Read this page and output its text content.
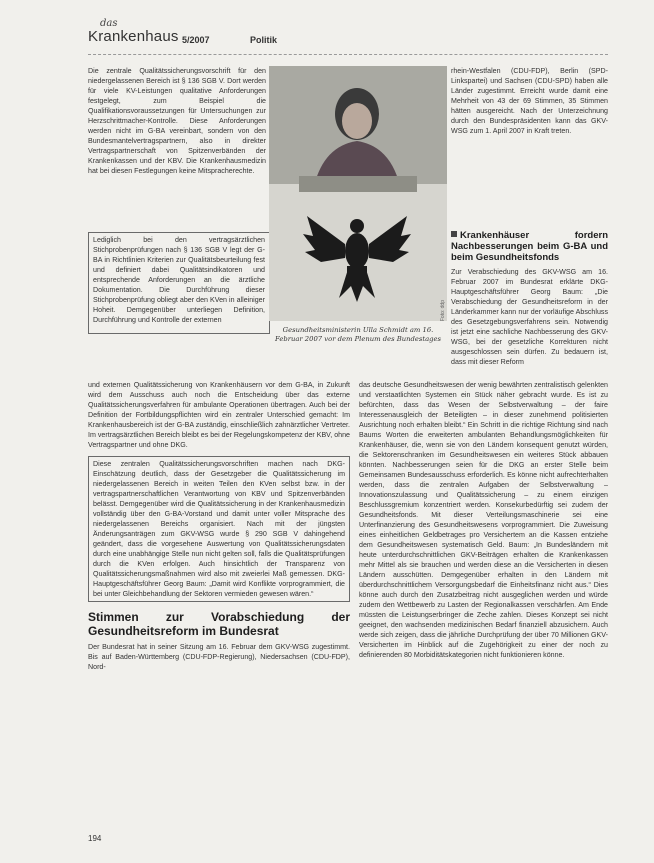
das
Krankenhaus 5/2007	Politik

Die zentrale Qualitätssicherungsvorschrift für den niedergelassenen Bereich ist § 136 SGB V. Dort werden für viele KV-Leistungen qualitative Anforderungen festgelegt, zum Beispiel die Qualifikationsvoraussetzungen für Untersuchungen zur Herzschrittmacher-Kontrolle. Diese Anforderungen werden nicht im G-BA vereinbart, sondern von den Bundesmantelvertragspartnern, also in direkter Vertragspartnerschaft von Spitzenverbänden der Krankenkassen und der KBV. Die Krankenhausmedizin hat bei diesen Festlegungen keine Mitspracherechte.

Lediglich bei den vertragsärztlichen Stichprobenprüfungen nach § 136 SGB V legt der G-BA in Richtlinien Kriterien zur Qualitätsbeurteilung fest und definiert dabei Qualitätsindikatoren und entsprechende Anforderungen an die ärztliche Dokumentation. Die Durchführung dieser Stichprobenprüfung obliegt aber den KVen in alleiniger Hoheit. Demgegenüber unterliegen Definition, Durchführung und Kontrolle der externen	Foto: ddp
Gesundheitsministerin Ulla Schmidt am 16. Februar 2007 vor dem Plenum des Bundestages

rhein-Westfalen (CDU-FDP), Berlin (SPD-Linkspartei) und Sachsen (CDU-SPD) haben alle Länder zugestimmt. Erreicht wurde damit eine Mehrheit von 43 der 69 Stimmen, 35 Stimmen hätten ausgereicht. Nach der Unterzeichnung durch den Bundespräsidenten kann das GKV-WSG zum 1. April 2007 in Kraft treten.

Krankenhäuser fordern Nachbesserungen beim G-BA und beim Gesundheitsfonds

Zur Verabschiedung des GKV-WSG am 16. Februar 2007 im Bundesrat erklärte DKG-Hauptgeschäftsführer Georg Baum: „Die Verabschiedung der Gesundheitsreform in der Länderkammer kann nur der vorläufige Abschluss des Gesetzgebungsverfahrens sein. Notwendig ist jetzt eine sachliche Nachbesserung des GKV-WSG, bei der gesetzliche Korrekturen nicht ausgeschlossen sein dürfen. Zu bedauern ist, dass mit dieser Reform

und externen Qualitätssicherung von Krankenhäusern vor dem G-BA, in Zukunft wird dem Ausschuss auch noch die Entscheidung über das externe Qualitätssicherungsverfahren für ambulante Operationen übertragen. Auch bei der Definition der Fortbildungspflichten wird ein zentraler Unterschied gemacht: Im Krankenhausbereich ist der G-BA zuständig, einschließlich zahnärztlicher Vertreter. Im vertragsärztlichen Bereich bleibt es bei der Regelungskompetenz der KBV, ohne Vertragspartner und ohne DKG.

Diese zentralen Qualitätssicherungsvorschriften machen nach DKG-Einschätzung deutlich, dass der Gesetzgeber die Qualitätssicherung im niedergelassenen Bereich in weiten Teilen den KVen selbst bzw. in der vertragspartnerschaftlichen Verantwortung von KBV und Spitzenverbänden belässt. Demgegenüber wird die Qualitätssicherung in der Krankenhausmedizin vollständig über den G-BA-Vorstand und damit unter voller Mitsprache des niedergelassenen Bereichs organisiert. Nach mit der jüngsten Änderungsanträgen zum GKV-WSG wurde § 290 SGB V dahingehend geändert, dass die vorgesehene Auswertung von Qualitätssicherungsdaten durch eine unabhängige Stelle nun nicht gelten soll, falls die Qualitätsprüfungen durch die KVen erfolgen. Auch hinsichtlich der Transparenz von Qualitätssicherungsmaßnahmen wird also mit zweierlei Maß gemessen. DKG-Hauptgeschäftsführer Georg Baum: „Damit wird Konflikte vorprogrammiert, die bei unter Gleichbehandlung der Sektoren vermieden gewesen wären.“

Stimmen zur Vorabschiedung der Gesundheitsreform im Bundesrat

Der Bundesrat hat in seiner Sitzung am 16. Februar dem GKV-WSG zugestimmt. Bis auf Baden-Württemberg (CDU-FDP-Regierung), Niedersachsen (CDU-FDP), Nord-

das deutsche Gesundheitswesen der wenig bewährten zentralistisch gelenkten und verstaatlichten Systemen ein Stück näher gebracht wurde. Es ist zu befürchten, dass das Wesen der Selbstverwaltung – der faire Interessenausgleich der Beteiligten – in dieser zunehmend politisierten Ausrichtung noch erhalten bleibt.“ Ein Schritt in die richtige Richtung sind nach Baums Worten die erweiterten ambulanten Behandlungsmöglichkeiten für Krankenhäuser, die, wenn sie von den Ländern konsequent genutzt würden, die Sektorenschranken im Gesundheitswesen ein weiteres Stück abbauen könnten. Nachbesserungen seien für die DKG an erster Stelle beim Gemeinsamen Bundesausschuss erforderlich. Es könne nicht aufrechterhalten werden, dass die zentralen Aufgaben der Selbstverwaltung – Innovationszulassung und Qualitätssicherung – zu einem einzigen Beschlussgremium konzentriert werden. Konsekurbedürftig sei zudem der Gesundheitsfonds. Mit dieser Verteilungsmaschinerie sei eine Unterfinanzierung des Gesundheitswesens vorprogrammiert. Die Zuweisung eines einheitlichen Geldbetrages pro Versichertem an die Kassen entziehe dem Gesundheitswesen systematisch Geld. Baum: „In Bundesländern mit heute unterdurchschnittlichen GKV-Beiträgen erhalten die Krankenkassen mehr Mittel als sie brauchen und werden diese an die Versicherten in diesen Ländern ausschütten. Demgegenüber erhalten in den Ländern mit überdurchschnittlichem Versorgungsbedarf die Einheitsfinanz nicht aus.“ Dies könne auch durch den Zusatzbeitrag nicht ausgeglichen werden und würde zudem den Wettbewerb zu Lasten der Regionalkassen verschärfen. Am Ende müssten die Leistungserbringer die Zeche zahlen. Dieses Konzept sei nicht geeignet, den wachsenden medizinischen Bedarf finanziell abzusichern. Auch werde sich zeigen, dass die jährliche Durchprüfung der über 70 Millionen GKV-Versicherten im Hinblick auf die Zugehörigkeit zu einer der noch zu definierenden 80 Morbiditätskategorien nicht funktionieren könne.

194
